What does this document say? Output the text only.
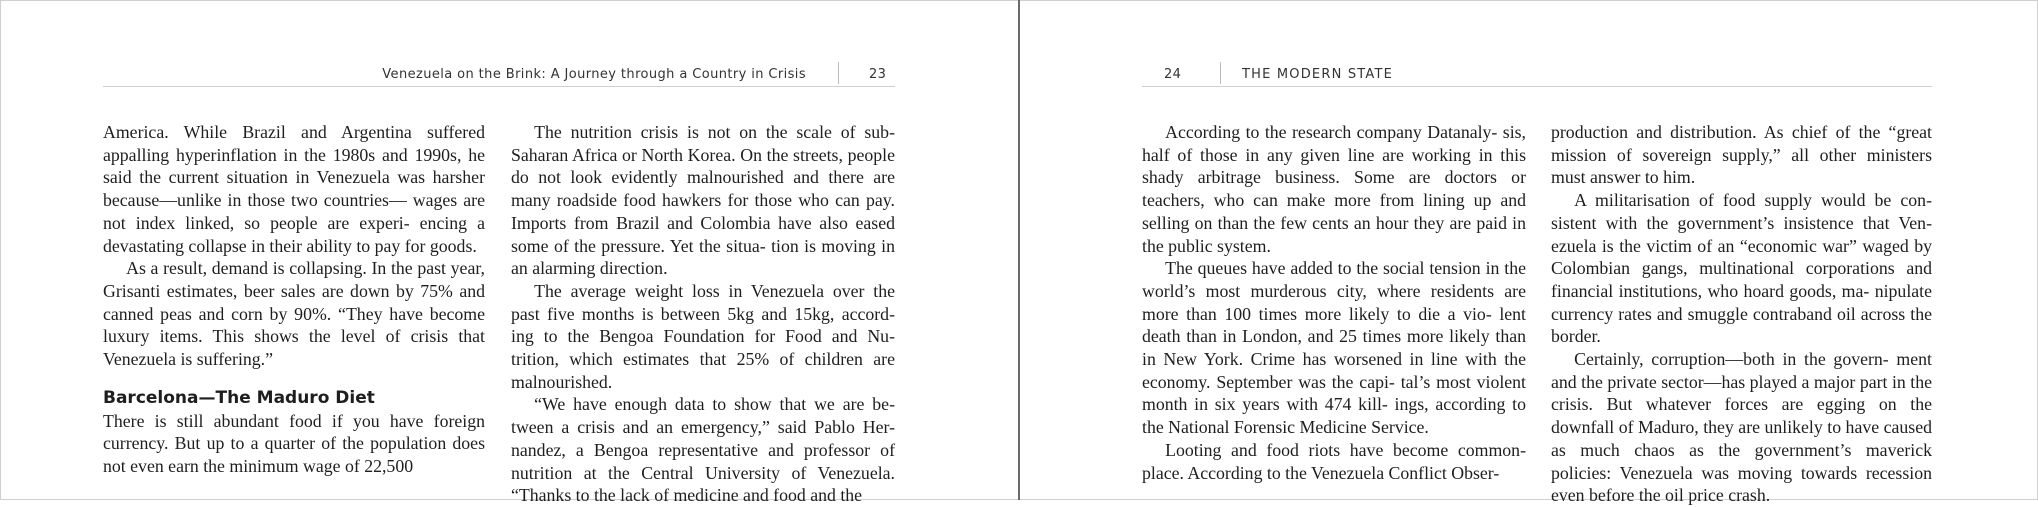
Venezuela on the Brink: A Journey through a Country in Crisis	23

America. While Brazil and Argentina suffered appalling hyperinflation in the 1980s and 1990s, he said the current situation in Venezuela was harsher because—unlike in those two countries— wages are not index linked, so people are experi- encing a devastating collapse in their ability to pay for goods.

As a result, demand is collapsing. In the past year, Grisanti estimates, beer sales are down by 75% and canned peas and corn by 90%. “They have become luxury items. This shows the level of crisis that Venezuela is suffering.”

Barcelona—The Maduro Diet

There is still abundant food if you have foreign currency. But up to a quarter of the population does not even earn the minimum wage of 22,500

The nutrition crisis is not on the scale of sub- Saharan Africa or North Korea. On the streets, people do not look evidently malnourished and there are many roadside food hawkers for those who can pay. Imports from Brazil and Colombia have also eased some of the pressure. Yet the situa- tion is moving in an alarming direction.

The average weight loss in Venezuela over the past five months is between 5kg and 15kg, accord- ing to the Bengoa Foundation for Food and Nu- trition, which estimates that 25% of children are malnourished.

“We have enough data to show that we are be- tween a crisis and an emergency,” said Pablo Her- nandez, a Bengoa representative and professor of nutrition at the Central University of Venezuela. “Thanks to the lack of medicine and food and the

24	THE MODERN STATE

According to the research company Datanaly- sis, half of those in any given line are working in this shady arbitrage business. Some are doctors or teachers, who can make more from lining up and selling on than the few cents an hour they are paid in the public system.

The queues have added to the social tension in the world’s most murderous city, where residents are more than 100 times more likely to die a vio- lent death than in London, and 25 times more likely than in New York. Crime has worsened in line with the economy. September was the capi- tal’s most violent month in six years with 474 kill- ings, according to the National Forensic Medicine Service.

Looting and food riots have become common- place. According to the Venezuela Conflict Obser-

production and distribution. As chief of the “great mission of sovereign supply,” all other ministers must answer to him.

A militarisation of food supply would be con- sistent with the government’s insistence that Ven- ezuela is the victim of an “economic war” waged by Colombian gangs, multinational corporations and financial institutions, who hoard goods, ma- nipulate currency rates and smuggle contraband oil across the border.

Certainly, corruption—both in the govern- ment and the private sector—has played a major part in the crisis. But whatever forces are egging on the downfall of Maduro, they are unlikely to have caused as much chaos as the government’s maverick policies: Venezuela was moving towards recession even before the oil price crash.
